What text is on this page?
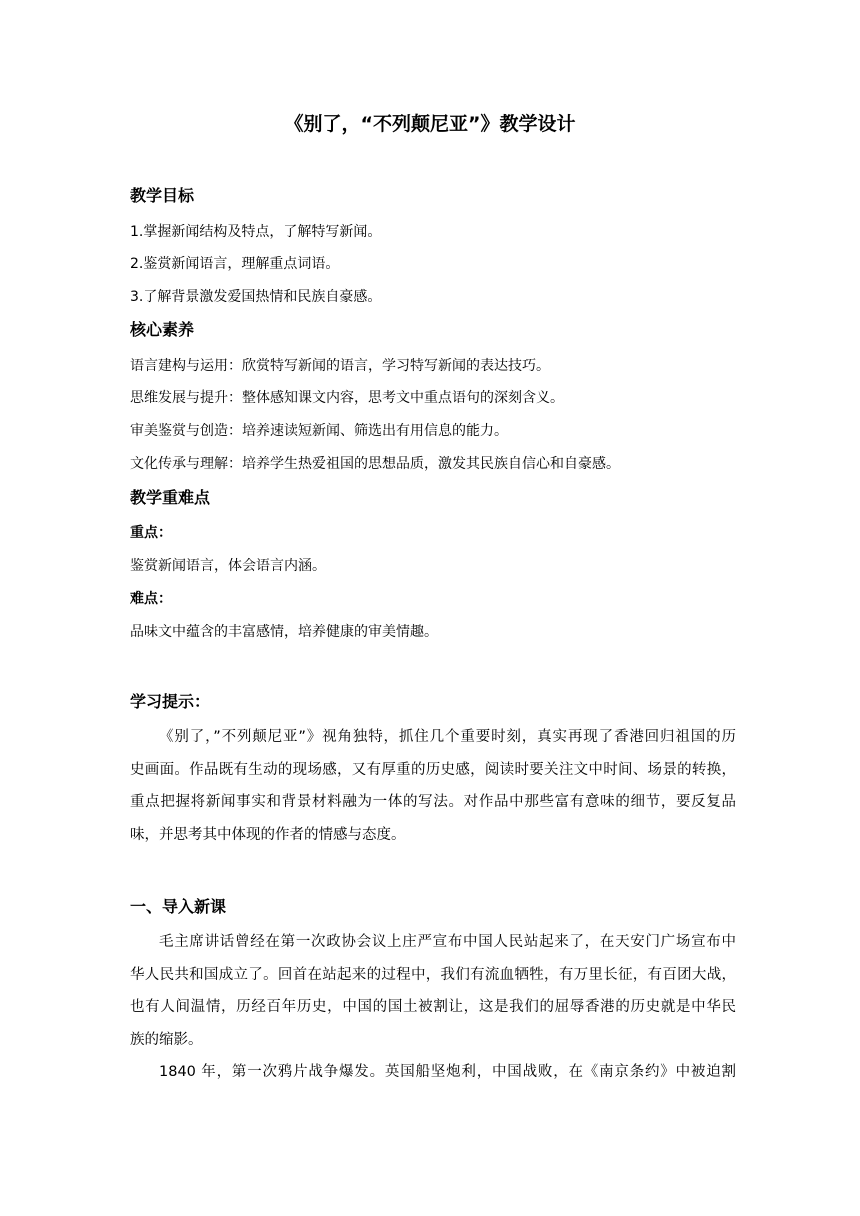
《别了，“不列颠尼亚”》教学设计
教学目标
1.掌握新闻结构及特点，了解特写新闻。
2.鉴赏新闻语言，理解重点词语。
3.了解背景激发爱国热情和民族自豪感。
核心素养
语言建构与运用：欣赏特写新闻的语言，学习特写新闻的表达技巧。
思维发展与提升：整体感知课文内容，思考文中重点语句的深刻含义。
审美鉴赏与创造：培养速读短新闻、筛选出有用信息的能力。
文化传承与理解：培养学生热爱祖国的思想品质，激发其民族自信心和自豪感。
教学重难点
重点：
鉴赏新闻语言，体会语言内涵。
难点：
品味文中蕴含的丰富感情，培养健康的审美情趣。
学习提示：
《别了，”不列颠尼亚”》视角独特，抓住几个重要时刻，真实再现了香港回归祖国的历
史画面。作品既有生动的现场感，又有厚重的历史感，阅读时要关注文中时间、场景的转换，
重点把握将新闻事实和背景材料融为一体的写法。对作品中那些富有意味的细节，要反复品
味，并思考其中体现的作者的情感与态度。
一、导入新课
毛主席讲话曾经在第一次政协会议上庄严宣布中国人民站起来了，在天安门广场宣布中
华人民共和国成立了。回首在站起来的过程中，我们有流血牺牲，有万里长征，有百团大战，
也有人间温情，历经百年历史，中国的国土被割让，这是我们的屈辱香港的历史就是中华民
族的缩影。
1840 年，第一次鸦片战争爆发。英国船坚炮利，中国战败，在《南京条约》中被迫割
